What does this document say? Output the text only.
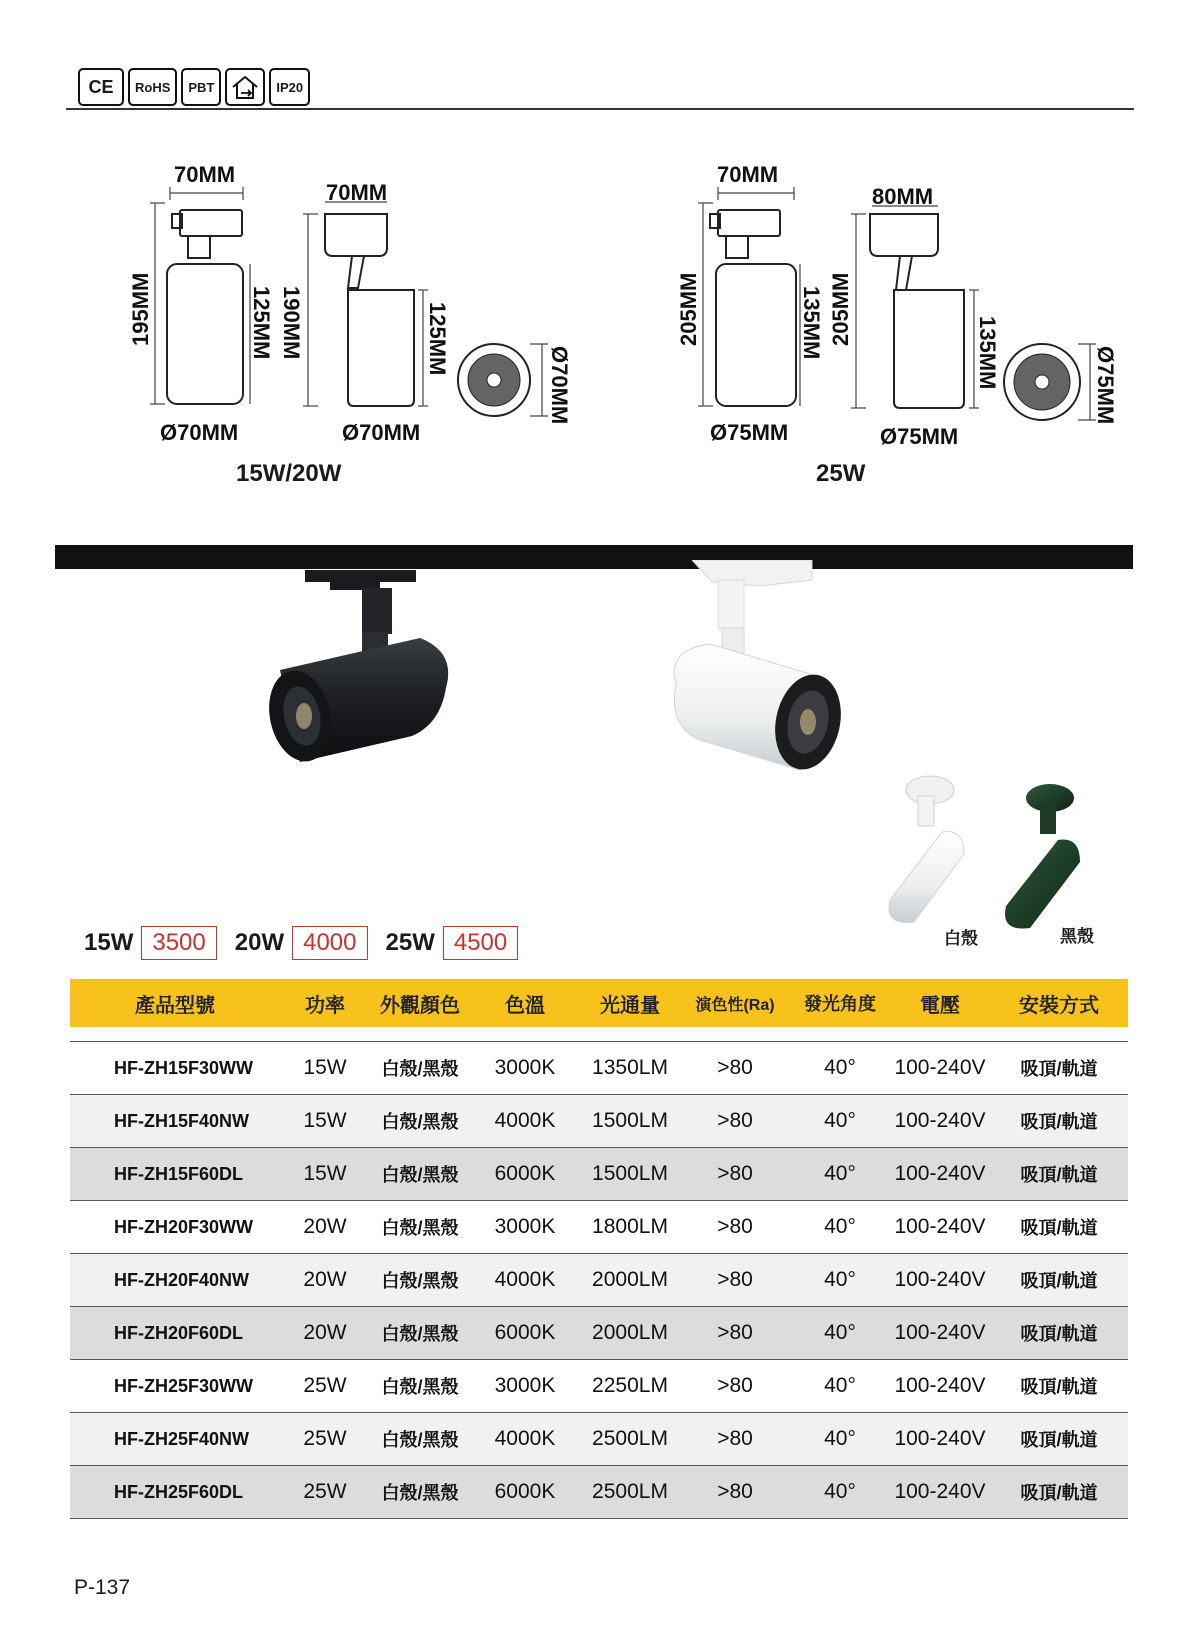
CE	RoHS	PBT	IP20
70MM
195MM	125MM
Ø70MM
70MM
190MM	125MM
Ø70MM
Ø70MM
15W/20W
70MM
205MM	135MM
Ø75MM
80MM
205MM
135MM
Ø75MM
Ø75MM
25W
白殼	黑殼
15W 3500	20W 4000	25W 4500
產品型號	功率	外觀顏色	色溫	光通量	演色性(Ra)	發光角度	電壓	安裝方式
HF-ZH15F30WW	15W	白殼/黑殼	3000K	1350LM	>80	40°	100-240V	吸頂/軌道
HF-ZH15F40NW	15W	白殼/黑殼	4000K	1500LM	>80	40°	100-240V	吸頂/軌道
HF-ZH15F60DL	15W	白殼/黑殼	6000K	1500LM	>80	40°	100-240V	吸頂/軌道
HF-ZH20F30WW	20W	白殼/黑殼	3000K	1800LM	>80	40°	100-240V	吸頂/軌道
HF-ZH20F40NW	20W	白殼/黑殼	4000K	2000LM	>80	40°	100-240V	吸頂/軌道
HF-ZH20F60DL	20W	白殼/黑殼	6000K	2000LM	>80	40°	100-240V	吸頂/軌道
HF-ZH25F30WW	25W	白殼/黑殼	3000K	2250LM	>80	40°	100-240V	吸頂/軌道
HF-ZH25F40NW	25W	白殼/黑殼	4000K	2500LM	>80	40°	100-240V	吸頂/軌道
HF-ZH25F60DL	25W	白殼/黑殼	6000K	2500LM	>80	40°	100-240V	吸頂/軌道
P-137
